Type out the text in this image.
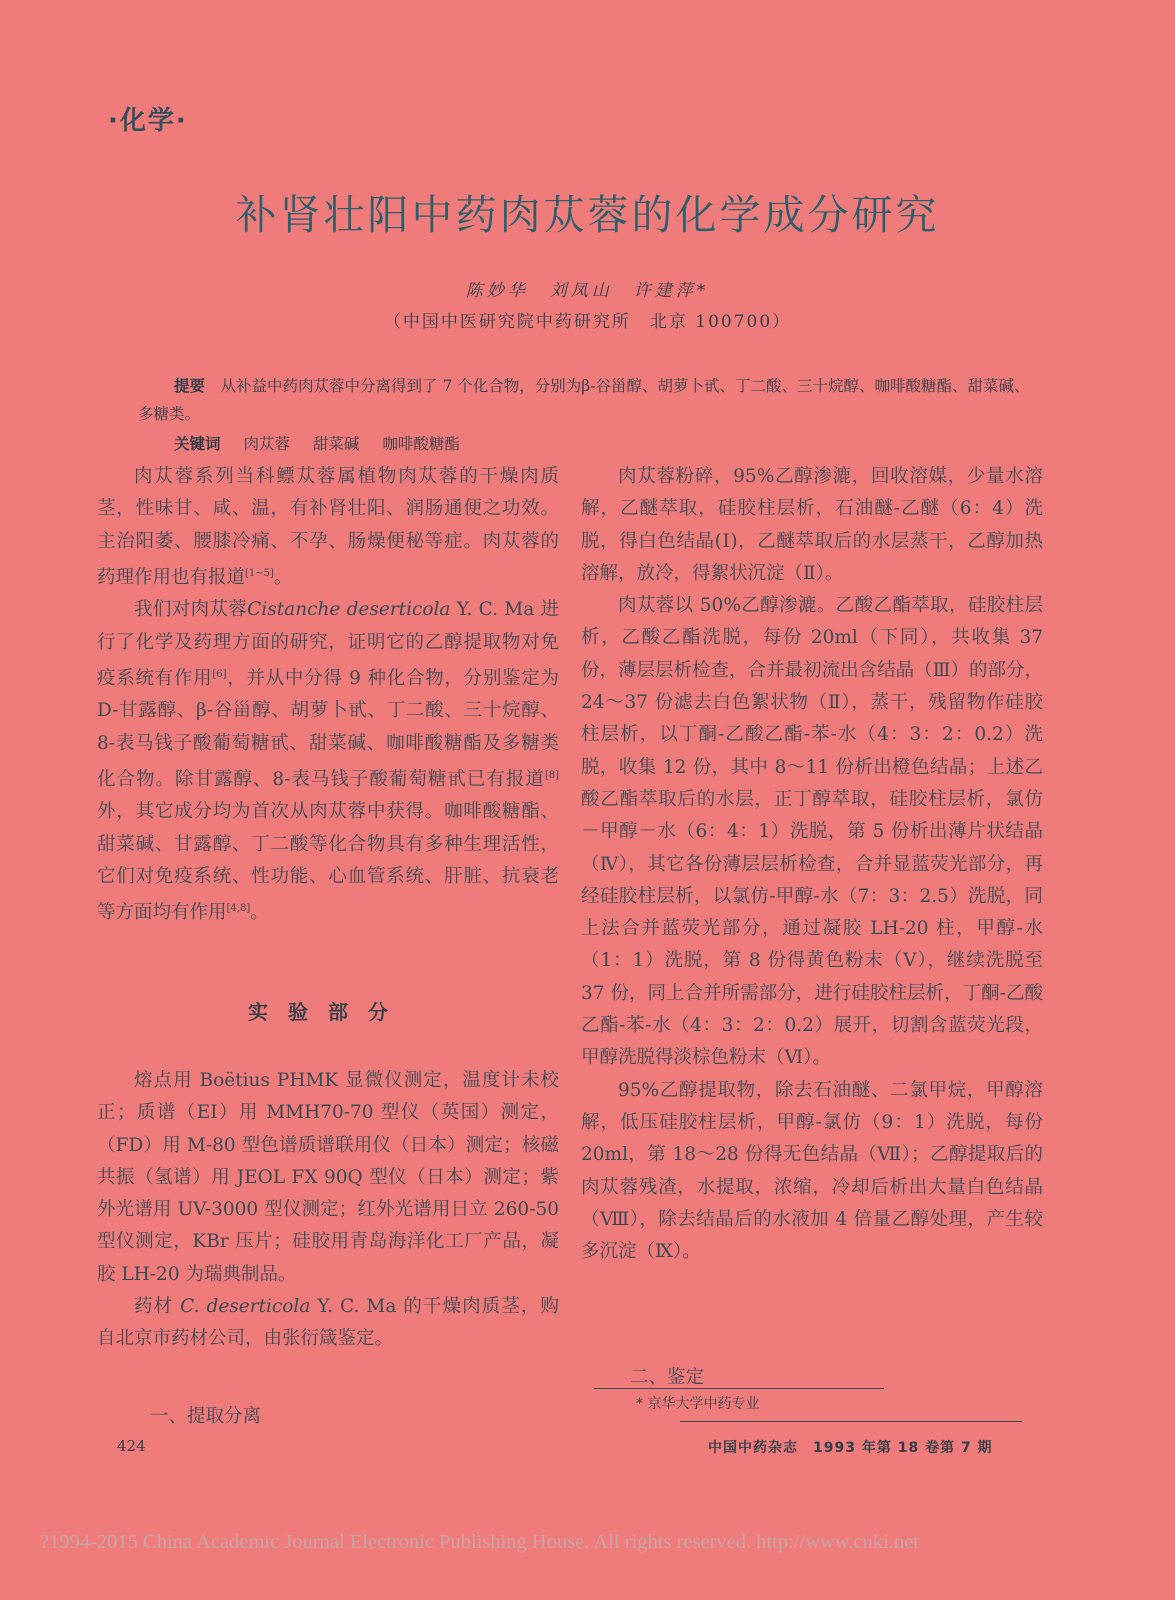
·化学·
补肾壮阳中药肉苁蓉的化学成分研究
陈妙华　刘凤山　许建萍*
（中国中医研究院中药研究所　北京 100700）
提要　 从补益中药肉苁蓉中分离得到了 7 个化合物，分别为β-谷甾醇、胡萝卜甙、丁二酸、三十烷醇、咖啡酸糖酯、甜菜碱、多糖类。
关键词 肉苁蓉 甜菜碱 咖啡酸糖酯

肉苁蓉系列当科鳔苁蓉属植物肉苁蓉的干燥肉质茎，性味甘、咸、温，有补肾壮阳、润肠通便之功效。主治阳萎、腰膝冷痛、不孕、肠燥便秘等症。肉苁蓉的药理作用也有报道[1~5]。

我们对肉苁蓉Cistanche deserticola Y. C. Ma 进行了化学及药理方面的研究，证明它的乙醇提取物对免疫系统有作用[6]，并从中分得 9 种化合物，分别鉴定为 D-甘露醇、β-谷甾醇、胡萝卜甙、丁二酸、三十烷醇、8-表马钱子酸葡萄糖甙、甜菜碱、咖啡酸糖酯及多糖类化合物。除甘露醇、8-表马钱子酸葡萄糖甙已有报道[8]外，其它成分均为首次从肉苁蓉中获得。咖啡酸糖酯、甜菜碱、甘露醇、丁二酸等化合物具有多种生理活性，它们对免疫系统、性功能、心血管系统、肝脏、抗衰老等方面均有作用[4,8]。

实验部分

熔点用 Boëtius PHMK 显微仪测定，温度计未校正；质谱（EI）用 MMH70-70 型仪（英国）测定，（FD）用 M-80 型色谱质谱联用仪（日本）测定；核磁共振（氢谱）用 JEOL FX 90Q 型仪（日本）测定；紫外光谱用 UV-3000 型仪测定；红外光谱用日立 260-50 型仪测定，KBr 压片；硅胶用青岛海洋化工厂产品，凝胶 LH-20 为瑞典制品。

药材 C. deserticola Y. C. Ma 的干燥肉质茎，购自北京市药材公司，由张衍箴鉴定。

一、提取分离

肉苁蓉粉碎，95%乙醇渗漉，回收溶媒，少量水溶解，乙醚萃取，硅胶柱层析，石油醚-乙醚（6：4）洗脱，得白色结晶(Ⅰ)，乙醚萃取后的水层蒸干，乙醇加热溶解，放冷，得絮状沉淀（Ⅱ）。

肉苁蓉以 50%乙醇渗漉。乙酸乙酯萃取，硅胶柱层析，乙酸乙酯洗脱，每份 20ml（下同），共收集 37 份，薄层层析检查，合并最初流出含结晶（Ⅲ）的部分，24～37 份滤去白色絮状物（Ⅱ），蒸干，残留物作硅胶柱层析，以丁酮-乙酸乙酯-苯-水（4：3：2：0.2）洗脱，收集 12 份，其中 8～11 份析出橙色结晶；上述乙酸乙酯萃取后的水层，正丁醇萃取，硅胶柱层析，氯仿－甲醇－水（6：4：1）洗脱，第 5 份析出薄片状结晶（Ⅳ），其它各份薄层层析检查，合并显蓝荧光部分，再经硅胶柱层析，以氯仿-甲醇-水（7：3：2.5）洗脱，同上法合并蓝荧光部分，通过凝胶 LH-20 柱，甲醇-水（1：1）洗脱，第 8 份得黄色粉末（Ⅴ），继续洗脱至 37 份，同上合并所需部分，进行硅胶柱层析，丁酮-乙酸乙酯-苯-水（4：3：2：0.2）展开，切割含蓝荧光段，甲醇洗脱得淡棕色粉末（Ⅵ）。

95%乙醇提取物，除去石油醚、二氯甲烷，甲醇溶解，低压硅胶柱层析，甲醇-氯仿（9：1）洗脱，每份 20ml，第 18～28 份得无色结晶（Ⅶ）；乙醇提取后的肉苁蓉残渣，水提取，浓缩，冷却后析出大量白色结晶（Ⅷ），除去结晶后的水液加 4 倍量乙醇处理，产生较多沉淀（Ⅸ）。

二、鉴定
* 京华大学中药专业
424	中国中药杂志　1993 年第 18 卷第 7 期
?1994-2015 China Academic Journal Electronic Publishing House. All rights reserved. http://www.cnki.net
